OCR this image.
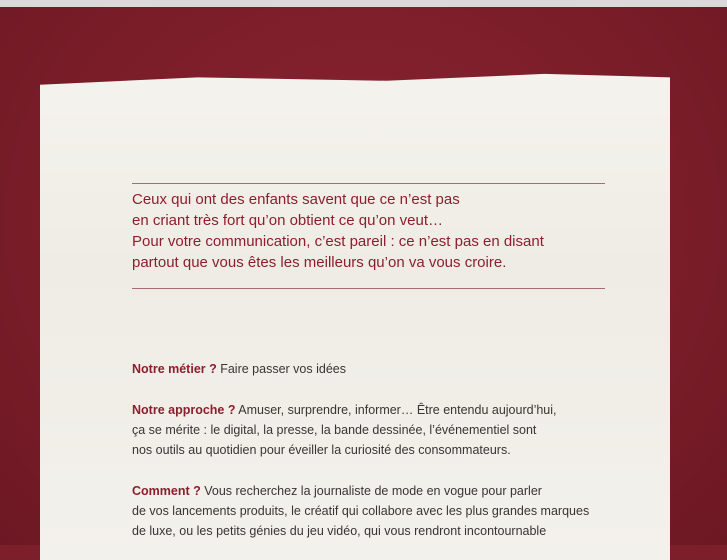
Ceux qui ont des enfants savent que ce n’est pas
en criant très fort qu’on obtient ce qu’on veut…
Pour votre communication, c’est pareil : ce n’est pas en disant
partout que vous êtes les meilleurs qu’on va vous croire.
Notre métier ? Faire passer vos idées
Notre approche ? Amuser, surprendre, informer… Être entendu aujourd’hui,
ça se mérite : le digital, la presse, la bande dessinée, l’événementiel sont
nos outils au quotidien pour éveiller la curiosité des consommateurs.
Comment ? Vous recherchez la journaliste de mode en vogue pour parler
de vos lancements produits, le créatif qui collabore avec les plus grandes marques
de luxe, ou les petits génies du jeu vidéo, qui vous rendront incontournable
